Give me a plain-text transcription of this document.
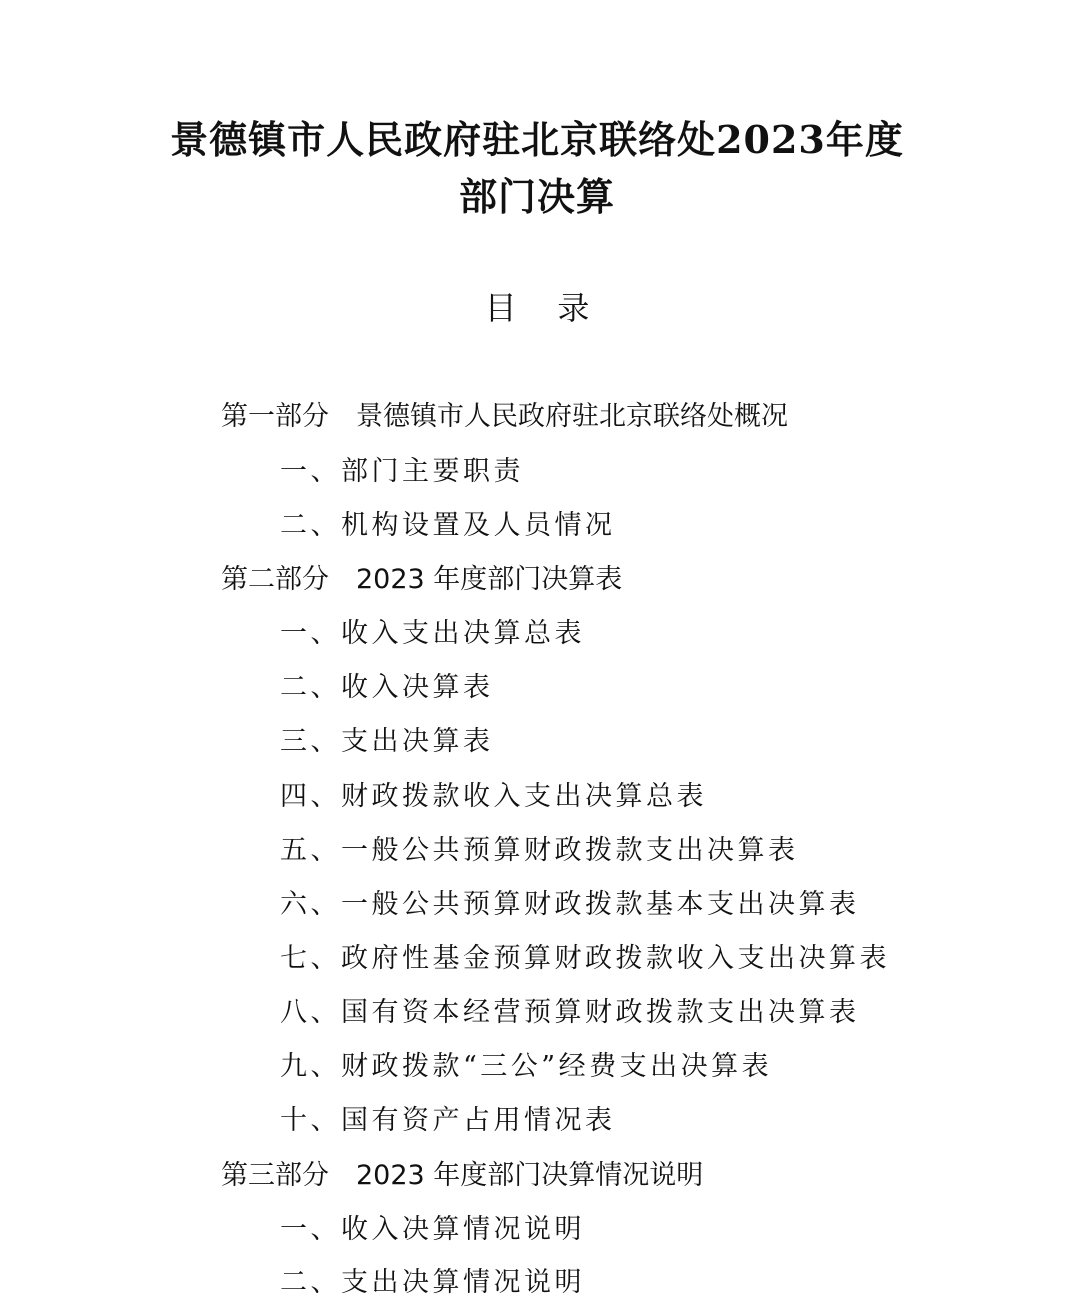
景德镇市人民政府驻北京联络处2023年度
部门决算
目    录
第一部分　景德镇市人民政府驻北京联络处概况
一、部门主要职责
二、机构设置及人员情况
第二部分　2023 年度部门决算表
一、收入支出决算总表
二、收入决算表
三、支出决算表
四、财政拨款收入支出决算总表
五、一般公共预算财政拨款支出决算表
六、一般公共预算财政拨款基本支出决算表
七、政府性基金预算财政拨款收入支出决算表
八、国有资本经营预算财政拨款支出决算表
九、财政拨款“三公”经费支出决算表
十、国有资产占用情况表
第三部分　2023 年度部门决算情况说明
一、收入决算情况说明
二、支出决算情况说明
